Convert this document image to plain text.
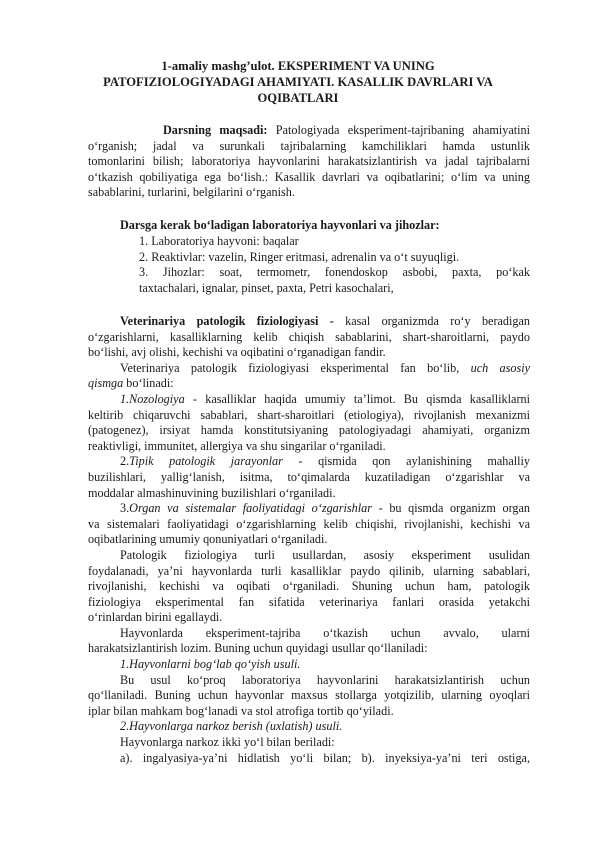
1-amaliy mashg’ulot. EKSPERIMENT VA UNING
PATOFIZIOLOGIYADAGI AHAMIYATI. KASALLIK DAVRLARI VA
OQIBATLARI
Darsning maqsadi: Patologiyada eksperiment-tajribaning ahamiyatini
o‘rganish; jadal va surunkali tajribalarning kamchiliklari hamda ustunlik
tomonlarini bilish; laboratoriya hayvonlarini harakatsizlantirish va jadal tajribalarni
o‘tkazish qobiliyatiga ega bo‘lish.: Kasallik davrlari va oqibatlarini; o‘lim va uning
sabablarini, turlarini, belgilarini o‘rganish.
Darsga kerak bo‘ladigan laboratoriya hayvonlari va jihozlar:
1. Laboratoriya hayvoni: baqalar
2. Reaktivlar: vazelin, Ringer eritmasi, adrenalin va o‘t suyuqligi.
3. Jihozlar: soat, termometr, fonendoskop asbobi, paxta, po‘kak
taxtachalari, ignalar, pinset, paxta, Petri kasochalari,
Veterinariya patologik fiziologiyasi - kasal organizmda ro‘y beradigan
o‘zgarishlarni, kasalliklarning kelib chiqish sabablarini, shart-sharoitlarni, paydo
bo‘lishi, avj olishi, kechishi va oqibatini o‘rganadigan fandir.
Veterinariya patologik fiziologiyasi eksperimental fan bo‘lib, uch asosiy
qismga bo‘linadi:
1.Nozologiya - kasalliklar haqida umumiy ta’limot. Bu qismda kasalliklarni
keltirib chiqaruvchi sabablari, shart-sharoitlari (etiologiya), rivojlanish mexanizmi
(patogenez), irsiyat hamda konstitutsiyaning patologiyadagi ahamiyati, organizm
reaktivligi, immunitet, allergiya va shu singarilar o‘rganiladi.
2.Tipik patologik jarayonlar - qismida qon aylanishining mahalliy
buzilishlari, yallig‘lanish, isitma, to‘qimalarda kuzatiladigan o‘zgarishlar va
moddalar almashinuvining buzilishlari o‘rganiladi.
3.Organ va sistemalar faoliyatidagi o‘zgarishlar - bu qismda organizm organ
va sistemalari faoliyatidagi o‘zgarishlarning kelib chiqishi, rivojlanishi, kechishi va
oqibatlarining umumiy qonuniyatlari o‘rganiladi.
Patologik fiziologiya turli usullardan, asosiy eksperiment usulidan
foydalanadi, ya’ni hayvonlarda turli kasalliklar paydo qilinib, ularning sabablari,
rivojlanishi, kechishi va oqibati o‘rganiladi. Shuning uchun ham, patologik
fiziologiya eksperimental fan sifatida veterinariya fanlari orasida yetakchi
o‘rinlardan birini egallaydi.
Hayvonlarda eksperiment-tajriba o‘tkazish uchun avvalo, ularni
harakatsizlantirish lozim. Buning uchun quyidagi usullar qo‘llaniladi:
1.Hayvonlarni bog‘lab qo‘yish usuli.
Bu usul ko‘proq laboratoriya hayvonlarini harakatsizlantirish uchun
qo‘llaniladi. Buning uchun hayvonlar maxsus stollarga yotqizilib, ularning oyoqlari
iplar bilan mahkam bog‘lanadi va stol atrofiga tortib qo‘yiladi.
2.Hayvonlarga narkoz berish (uxlatish) usuli.
Hayvonlarga narkoz ikki yo‘l bilan beriladi:
a). ingalyasiya-ya’ni hidlatish yo‘li bilan; b). inyeksiya-ya’ni teri ostiga,
